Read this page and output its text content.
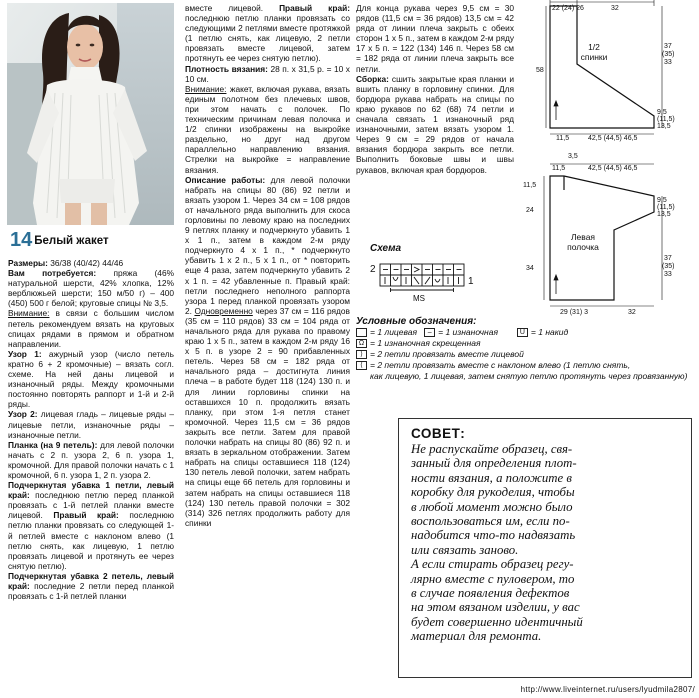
14 Белый жакет

Размеры: 36/38 (40/42) 44/46

Вам потребуется: пряжа (46% натуральной шерсти, 42% хлопка, 12% верблюжьей шерсти; 150 м/50 г) – 400 (450) 500 г белой; круговые спицы № 3,5.

Внимание: в связи с большим числом петель рекомендуем вязать на круговых спицах рядами в прямом и обратном направлении.

Узор 1: ажурный узор (число петель кратно 6 + 2 кромочные) – вязать согл. схеме. На ней даны лицевой и изнаночный ряды. Между кромочными постоянно повторять раппорт и 1-й и 2-й ряды.

Узор 2: лицевая гладь – лицевые ряды – лицевые петли, изнаночные ряды – изнаночные петли.

Планка (на 9 петель): для левой полочки начать с 2 п. узора 2, 6 п. узора 1, кромочной. Для правой полочки начать с 1 кромочной, 6 п. узора 1, 2 п. узора 2.

Подчеркнутая убавка 1 петли, левый край: последнюю петлю перед планкой провязать с 1-й петлей планки вместе лицевой. Правый край: последнюю петлю планки провязать со следующей 1-й петлей вместе с наклоном влево (1 петлю снять, как лицевую, 1 петлю провязать лицевой и протянуть ее через снятую петлю).

Подчеркнутая убавка 2 петель, левый край: последние 2 петли перед планкой провязать с 1-й петлей планки

вместе лицевой. Правый край: последнюю петлю планки провязать со следующими 2 петлями вместе протяжкой (1 петлю снять, как лицевую, 2 петли провязать вместе лицевой, затем протянуть ее через снятую петлю).

Плотность вязания: 28 п. х 31,5 р. = 10 х 10 см.

Внимание: жакет, включая рукава, вязать единым полотном без плечевых швов, при этом начать с полочек. По техническим причинам левая полочка и 1/2 спинки изображены на выкройке раздельно, но друг над другом параллельно направлению вязания. Стрелки на выкройке = направление вязания.

Описание работы: для левой полочки набрать на спицы 80 (86) 92 петли и вязать узором 1. Через 34 см = 108 рядов от начального ряда выполнить для скоса горловины по левому краю на последних 9 петлях планку и подчеркнуто убавить 1 х 1 п., затем в каждом 2-м ряду подчеркнуто 4 х 1 п., * подчеркнуто убавить 1 х 2 п., 5 х 1 п., от * повторить еще 4 раза, затем подчеркнуто убавить 2 х 1 п. = 42 убавленные п. Правый край: петли последнего неполного раппорта узора 1 перед планкой провязать узором 2. Одновременно через 37 см = 116 рядов (35 см = 110 рядов) 33 см = 104 ряда от начального ряда для рукава по правому краю 1 х 5 п., затем в каждом 2-м ряду 16 х 5 п. в узоре 2 = 90 прибавленных петель. Через 58 см = 182 ряда от начального ряда – достигнута линия плеча – в работе будет 118 (124) 130 п. и для линии горловины спинки на оставшихся 10 п. продолжить вязать планку, при этом 1-я петля станет кромочной. Через 11,5 см = 36 рядов закрыть все петли. Затем для правой полочки набрать на спицы 80 (86) 92 п. и вязать в зеркальном отображении. Затем набрать на спицы оставшиеся 118 (124) 130 петель левой полочки, затем набрать на спицы еще 66 петель для горловины и затем набрать на спицы оставшиеся 118 (124) 130 петель правой полочки = 302 (314) 326 петлях продолжить работу для спинки

Для конца рукава через 9,5 см = 30 рядов (11,5 см = 36 рядов) 13,5 см = 42 ряда от линии плеча закрыть с обеих сторон 1 х 5 п., затем в каждом 2-м ряду 17 х 5 п. = 122 (134) 146 п. Через 58 см = 182 ряда от линии плеча закрыть все петли.

Сборка: сшить закрытые края планки и вшить планку в горловину спинки. Для бордюра рукава набрать на спицы по краю рукавов по 62 (68) 74 петли и сначала связать 1 изнаночный ряд изнаночными, затем вязать узором 1. Через 9 см = 29 рядов от начала вязания бордюра закрыть все петли. Выполнить боковые швы и швы рукавов, включая края бордюров.

22 (24) 26	32
58
37
(35)
33
9,5
(11,5)
13,5
11,5	42,5 (44,5) 46,5
3,5
11,5	42,5 (44,5) 46,5
11,5
9,5
(11,5)
13,5
24
34
37
(35)
33
29 (31) 3	32
1/2
спинки
Левая
полочка
Схема
2
1
MS
Условные обозначения:
= 1 лицевая – = 1 изнаночная	U = 1 накид
Ω = 1 изнаночная скрещенная
⟩ = 2 петли провязать вместе лицевой
⟨ = 2 петли провязать вместе с наклоном влево (1 петлю снять,
как лицевую, 1 лицевая, затем снятую петлю протянуть через провязанную)
СОВЕТ:
Не распускайте образец, свя-
занный для определения плот-
ности вязания, а положите в
коробку для рукоделия, чтобы
в любой момент можно было
воспользоваться им, если по-
надобится что-то надвязать
или связать заново.
А если стирать образец регу-
лярно вместе с пуловером, то
в случае появления дефектов
на этом вязаном изделии, у вас
будет совершенно идентичный
материал для ремонта.
http://www.liveinternet.ru/users/lyudmila2807/
